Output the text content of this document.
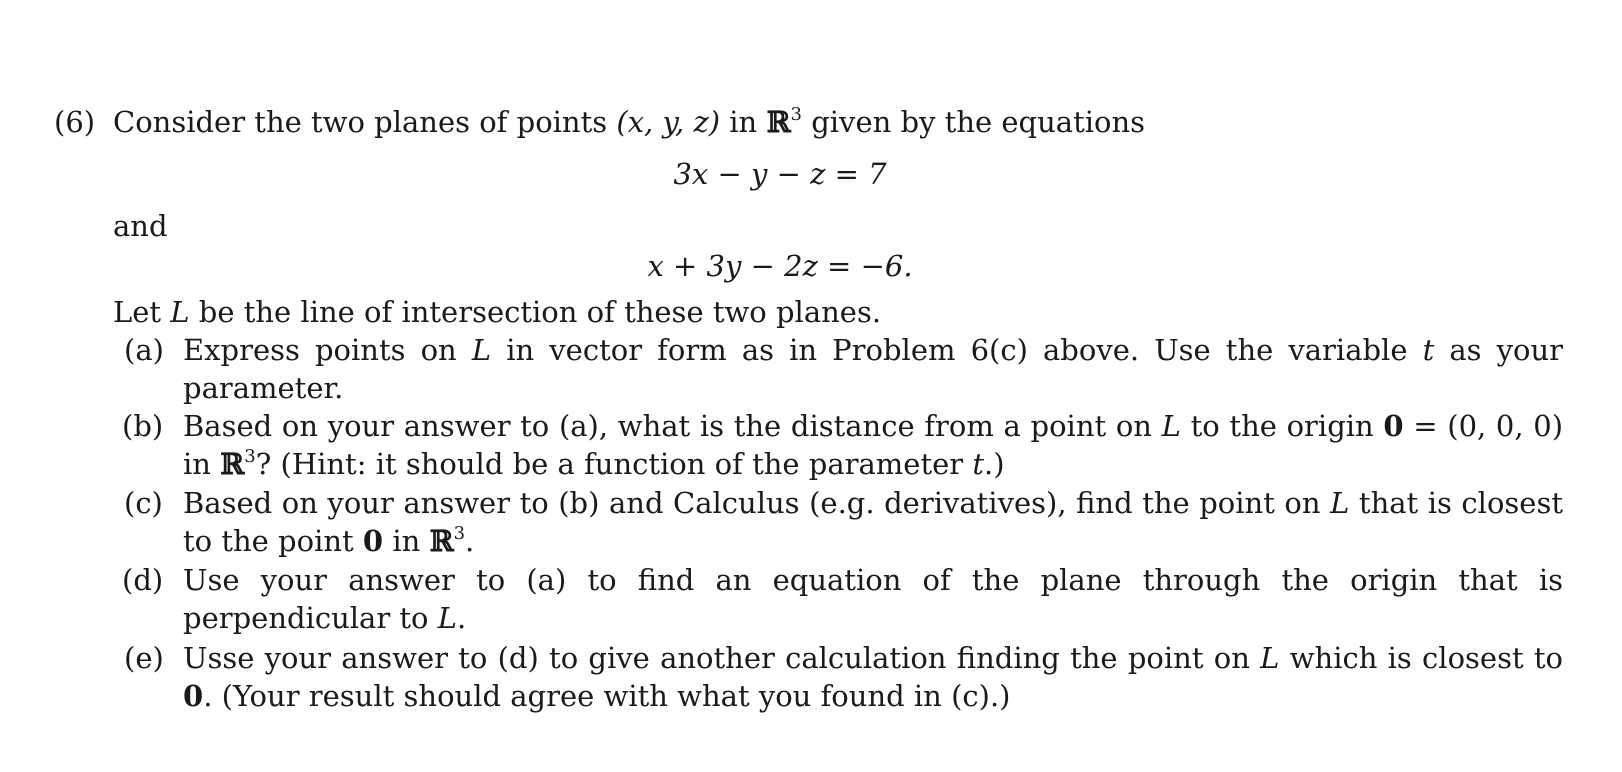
(6) Consider the two planes of points (x, y, z) in ℝ$^3$ given by the equations
3x − y − z = 7
and
x + 3y − 2z = −6.
Let L be the line of intersection of these two planes.
(a) Express points on L in vector form as in Problem 6(c) above. Use the variable t as your parameter.
(b) Based on your answer to (a), what is the distance from a point on L to the origin 0 = (0, 0, 0) in ℝ$^3$? (Hint: it should be a function of the parameter t.)
(c) Based on your answer to (b) and Calculus (e.g. derivatives), find the point on L that is closest to the point 0 in ℝ$^3$.
(d) Use your answer to (a) to find an equation of the plane through the origin that is perpendicular to L.
(e) Usse your answer to (d) to give another calculation finding the point on L which is closest to 0. (Your result should agree with what you found in (c).)
